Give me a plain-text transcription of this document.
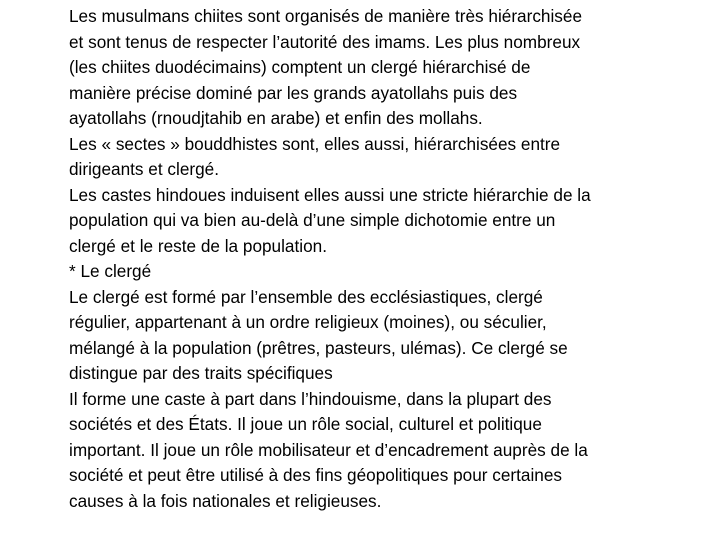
Les musulmans chiites sont organisés de manière très hiérarchisée
et sont tenus de respecter l’autorité des imams. Les plus nombreux
(les chiites duodécimains) comptent un clergé hiérarchisé de
manière précise dominé par les grands ayatollahs puis des
ayatollahs (rnoudjtahib en arabe) et enfin des mollahs.

Les « sectes » bouddhistes sont, elles aussi, hiérarchisées entre
dirigeants et clergé.

Les castes hindoues induisent elles aussi une stricte hiérarchie de la
population qui va bien au-delà d’une simple dichotomie entre un
clergé et le reste de la population.

* Le clergé

Le clergé est formé par l’ensemble des ecclésiastiques, clergé
régulier, appartenant à un ordre religieux (moines), ou séculier,
mélangé à la population (prêtres, pasteurs, ulémas). Ce clergé se
distingue par des traits spécifiques

Il forme une caste à part dans l’hindouisme, dans la plupart des
sociétés et des États. Il joue un rôle social, culturel et politique
important. Il joue un rôle mobilisateur et d’encadrement auprès de la
société et peut être utilisé à des fins géopolitiques pour certaines
causes à la fois nationales et religieuses.
